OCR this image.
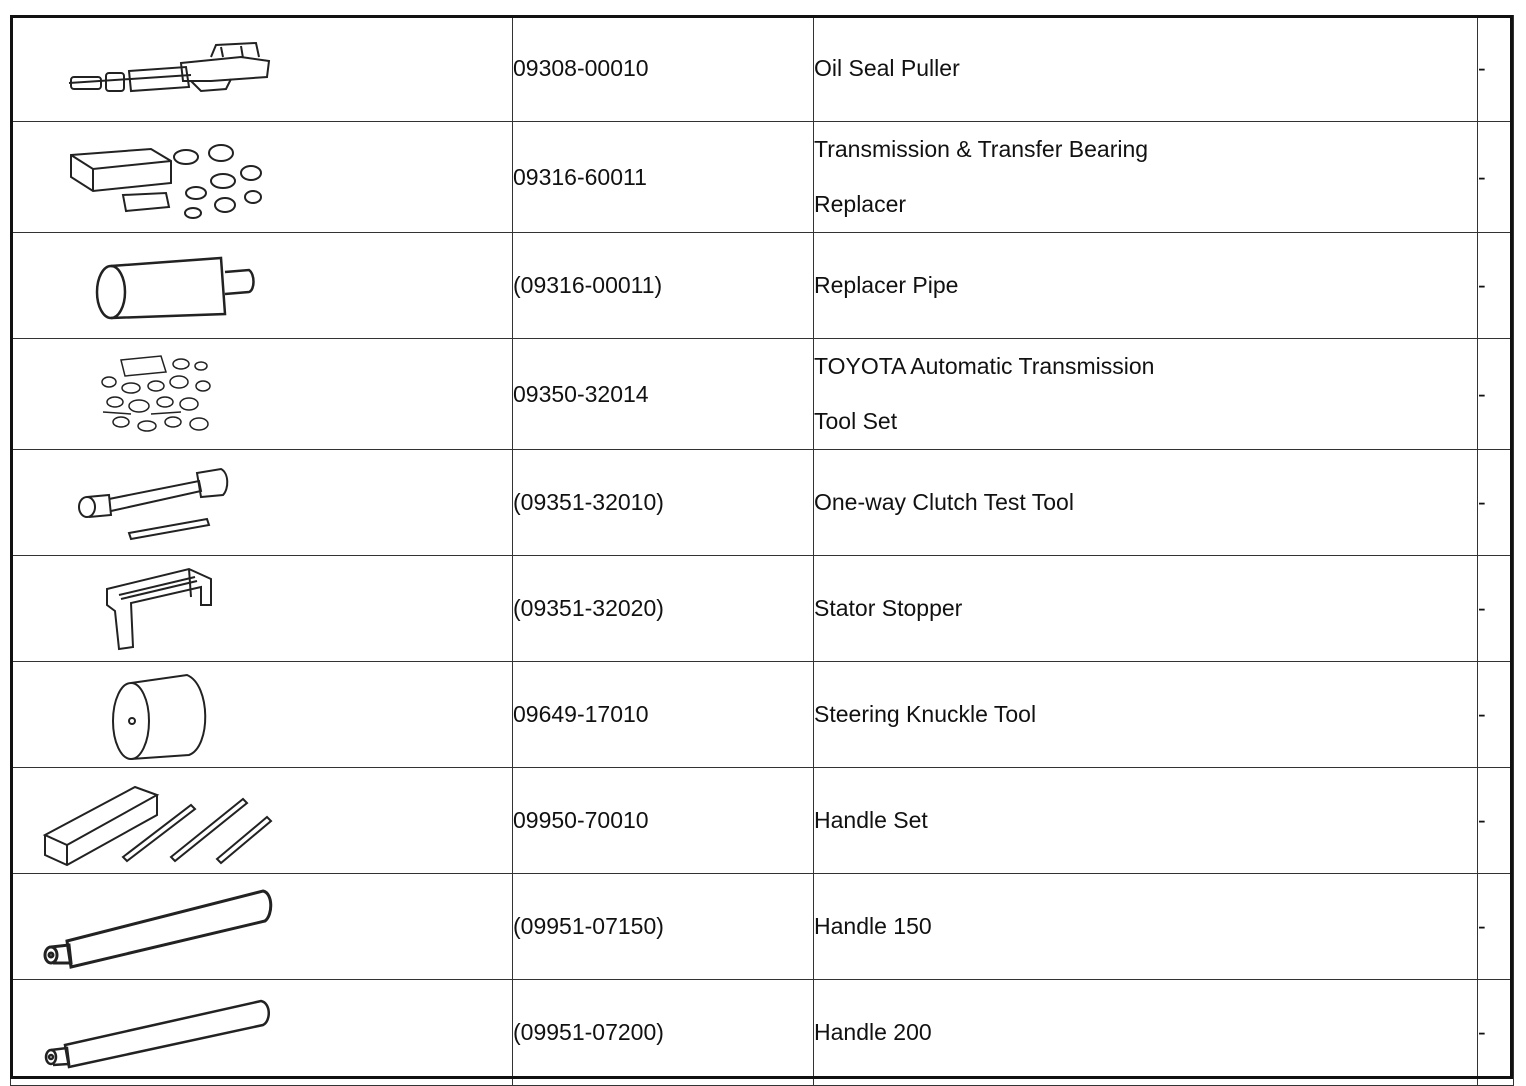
	09308-00010	Oil Seal Puller	-

	09316-60011	Transmission & Transfer Bearing
Replacer	-

	(09316-00011)	Replacer Pipe	-

	09350-32014	TOYOTA Automatic Transmission
Tool Set	-

	(09351-32010)	One-way Clutch Test Tool	-

	(09351-32020)	Stator Stopper	-

	09649-17010	Steering Knuckle Tool	-

	09950-70010	Handle Set	-

	(09951-07150)	Handle 150	-

	(09951-07200)	Handle 200	-
